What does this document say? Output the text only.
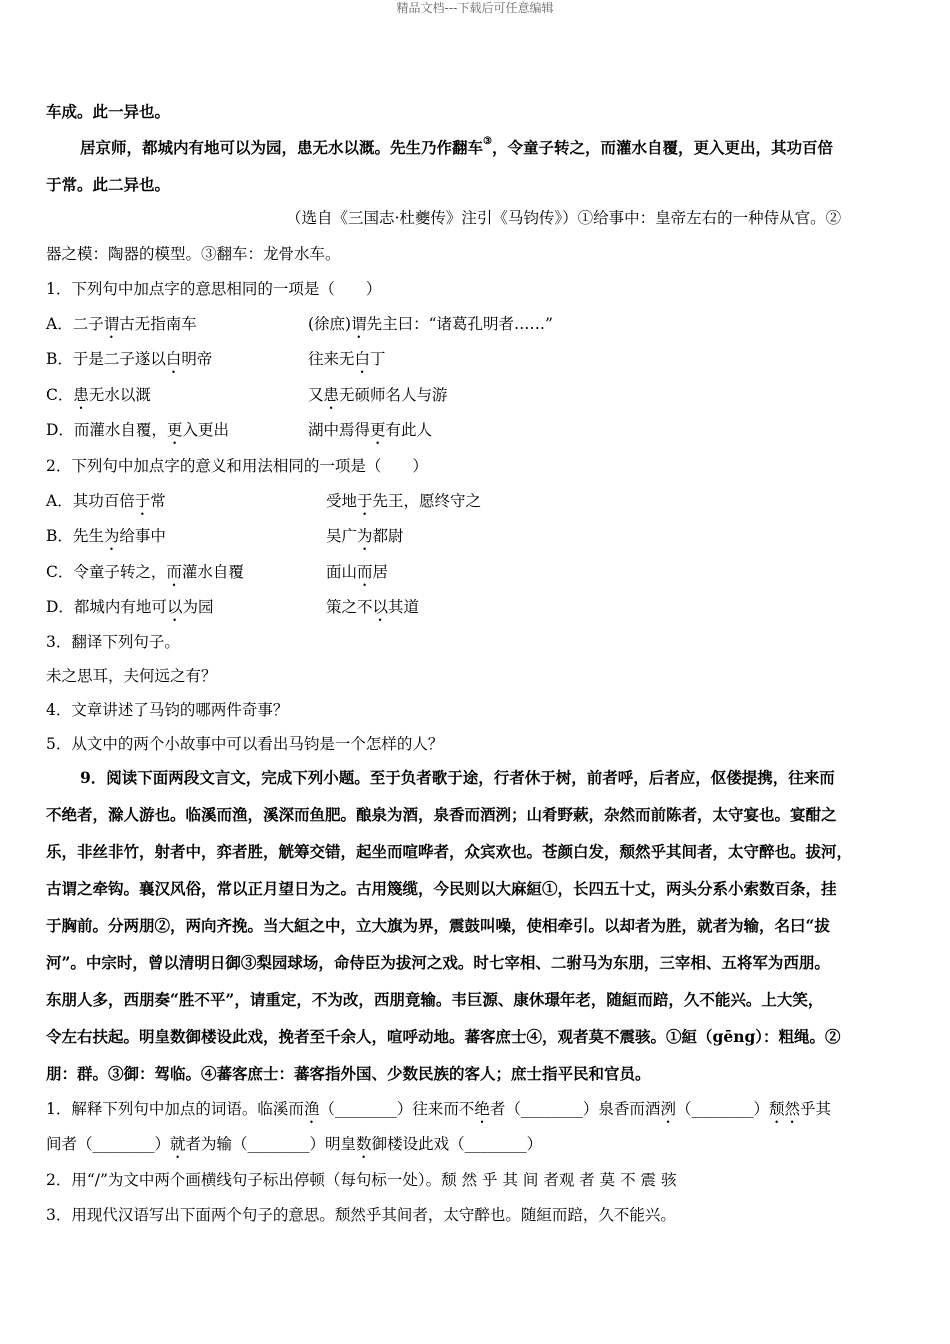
精品文档---下载后可任意编辑
车成。此一异也。
居京师，都城内有地可以为园，患无水以溉。先生乃作翻车③，令童子转之，而灌水自覆，更入更出，其功百倍
于常。此二异也。
（选自《三国志·杜夔传》注引《马钧传》）①给事中：皇帝左右的一种侍从官。②
器之模：陶器的模型。③翻车：龙骨水车。
1．下列句中加点字的意思相同的一项是（　　）
A．二子谓古无指南车	(徐庶)谓先主曰：“诸葛孔明者……”
B．于是二子遂以白明帝	往来无白丁
C．患无水以溉	又患无硕师名人与游
D．而灌水自覆，更入更出	湖中焉得更有此人
2．下列句中加点字的意义和用法相同的一项是（　　）
A．其功百倍于常	受地于先王，愿终守之
B．先生为给事中	吴广为都尉
C．令童子转之，而灌水自覆	面山而居
D．都城内有地可以为园	策之不以其道
3．翻译下列句子。
未之思耳，夫何远之有？
4．文章讲述了马钧的哪两件奇事？
5．从文中的两个小故事中可以看出马钧是一个怎样的人？
9．阅读下面两段文言文，完成下列小题。至于负者歌于途，行者休于树，前者呼，后者应，伛偻提携，往来而
不绝者，滁人游也。临溪而渔，溪深而鱼肥。酿泉为酒，泉香而酒洌；山肴野蔌，杂然而前陈者，太守宴也。宴酣之
乐，非丝非竹，射者中，弈者胜，觥筹交错，起坐而喧哗者，众宾欢也。苍颜白发，颓然乎其间者，太守醉也。拔河，
古谓之牵钩。襄汉风俗，常以正月望日为之。古用篾缆，今民则以大麻絙①，长四五十丈，两头分系小索数百条，挂
于胸前。分两朋②，两向齐挽。当大絙之中，立大旗为界，震鼓叫噪，使相牵引。以却者为胜，就者为输，名曰“拔
河”。中宗时，曾以清明日御③梨园球场，命侍臣为拔河之戏。时七宰相、二驸马为东朋，三宰相、五将军为西朋。
东朋人多，西朋奏“胜不平”，请重定，不为改，西朋竟输。韦巨源、康休璟年老，随絙而踣，久不能兴。上大笑，
令左右扶起。明皇数御楼设此戏，挽者至千余人，喧呼动地。蕃客庶士④，观者莫不震骇。①絙（gēng）：粗绳。②
朋：群。③御：驾临。④蕃客庶士：蕃客指外国、少数民族的客人；庶士指平民和官员。
1．解释下列句中加点的词语。临溪而渔（________）往来而不绝者（________）泉香而酒洌（________）颓然乎其
间者（________）就者为输（________）明皇数御楼设此戏（________）
2．用“/”为文中两个画横线句子标出停顿（每句标一处）。颓 然 乎 其 间 者观 者 莫 不 震 骇
3．用现代汉语写出下面两个句子的意思。颓然乎其间者，太守醉也。随絙而踣，久不能兴。
